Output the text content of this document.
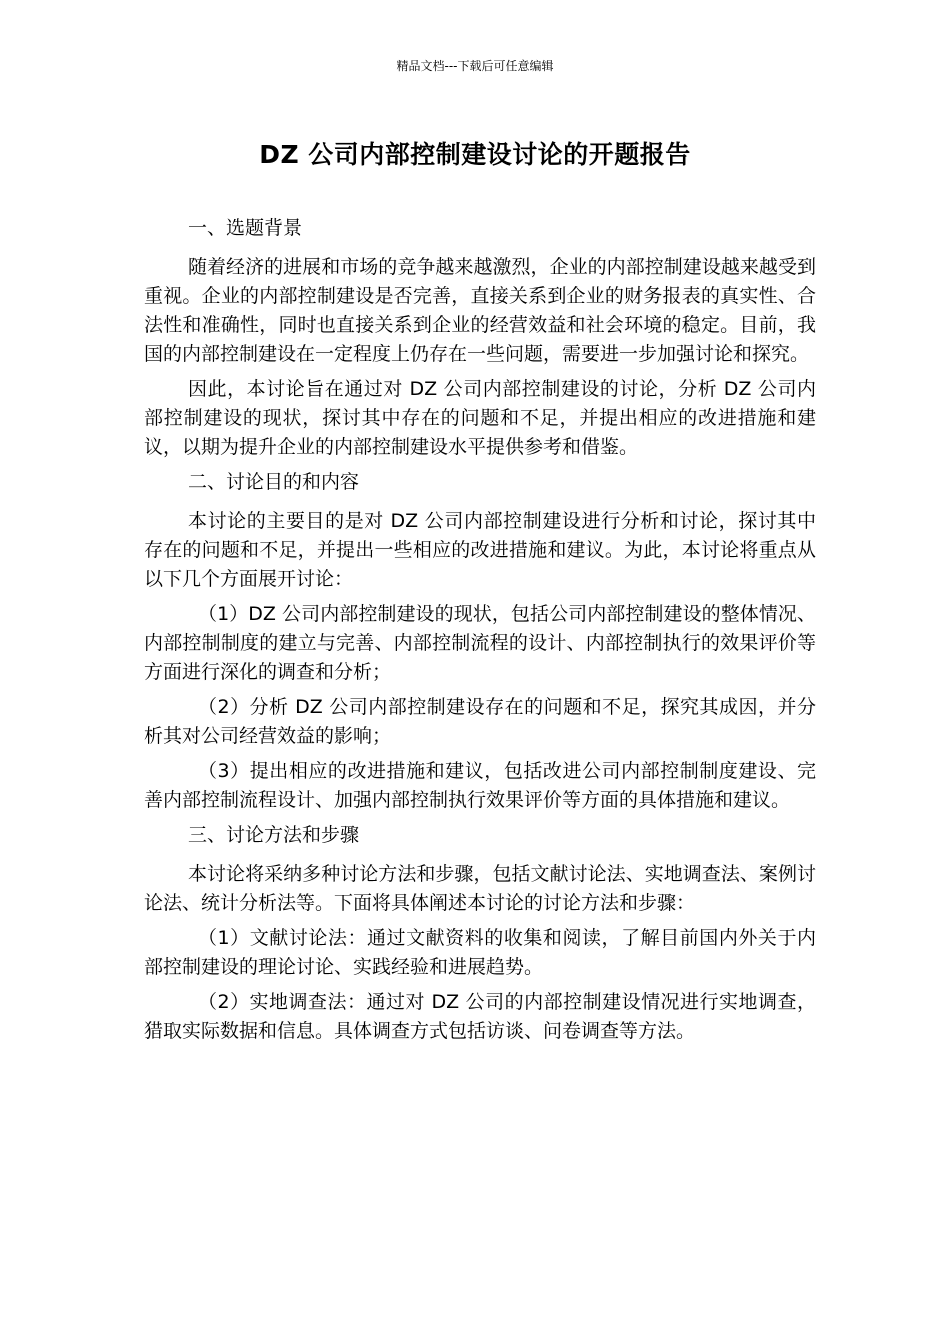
精品文档---下载后可任意编辑
DZ 公司内部控制建设讨论的开题报告

一、选题背景

随着经济的进展和市场的竞争越来越激烈，企业的内部控制建设越来越受到重视。企业的内部控制建设是否完善，直接关系到企业的财务报表的真实性、合法性和准确性，同时也直接关系到企业的经营效益和社会环境的稳定。目前，我国的内部控制建设在一定程度上仍存在一些问题，需要进一步加强讨论和探究。

因此，本讨论旨在通过对 DZ 公司内部控制建设的讨论，分析 DZ 公司内部控制建设的现状，探讨其中存在的问题和不足，并提出相应的改进措施和建议，以期为提升企业的内部控制建设水平提供参考和借鉴。

二、讨论目的和内容

本讨论的主要目的是对 DZ 公司内部控制建设进行分析和讨论，探讨其中存在的问题和不足，并提出一些相应的改进措施和建议。为此，本讨论将重点从以下几个方面展开讨论：

（1）DZ 公司内部控制建设的现状，包括公司内部控制建设的整体情况、内部控制制度的建立与完善、内部控制流程的设计、内部控制执行的效果评价等方面进行深化的调查和分析；

（2）分析 DZ 公司内部控制建设存在的问题和不足，探究其成因，并分析其对公司经营效益的影响；

（3）提出相应的改进措施和建议，包括改进公司内部控制制度建设、完善内部控制流程设计、加强内部控制执行效果评价等方面的具体措施和建议。

三、讨论方法和步骤

本讨论将采纳多种讨论方法和步骤，包括文献讨论法、实地调查法、案例讨论法、统计分析法等。下面将具体阐述本讨论的讨论方法和步骤：

（1）文献讨论法：通过文献资料的收集和阅读，了解目前国内外关于内部控制建设的理论讨论、实践经验和进展趋势。

（2）实地调查法：通过对 DZ 公司的内部控制建设情况进行实地调查，猎取实际数据和信息。具体调查方式包括访谈、问卷调查等方法。
